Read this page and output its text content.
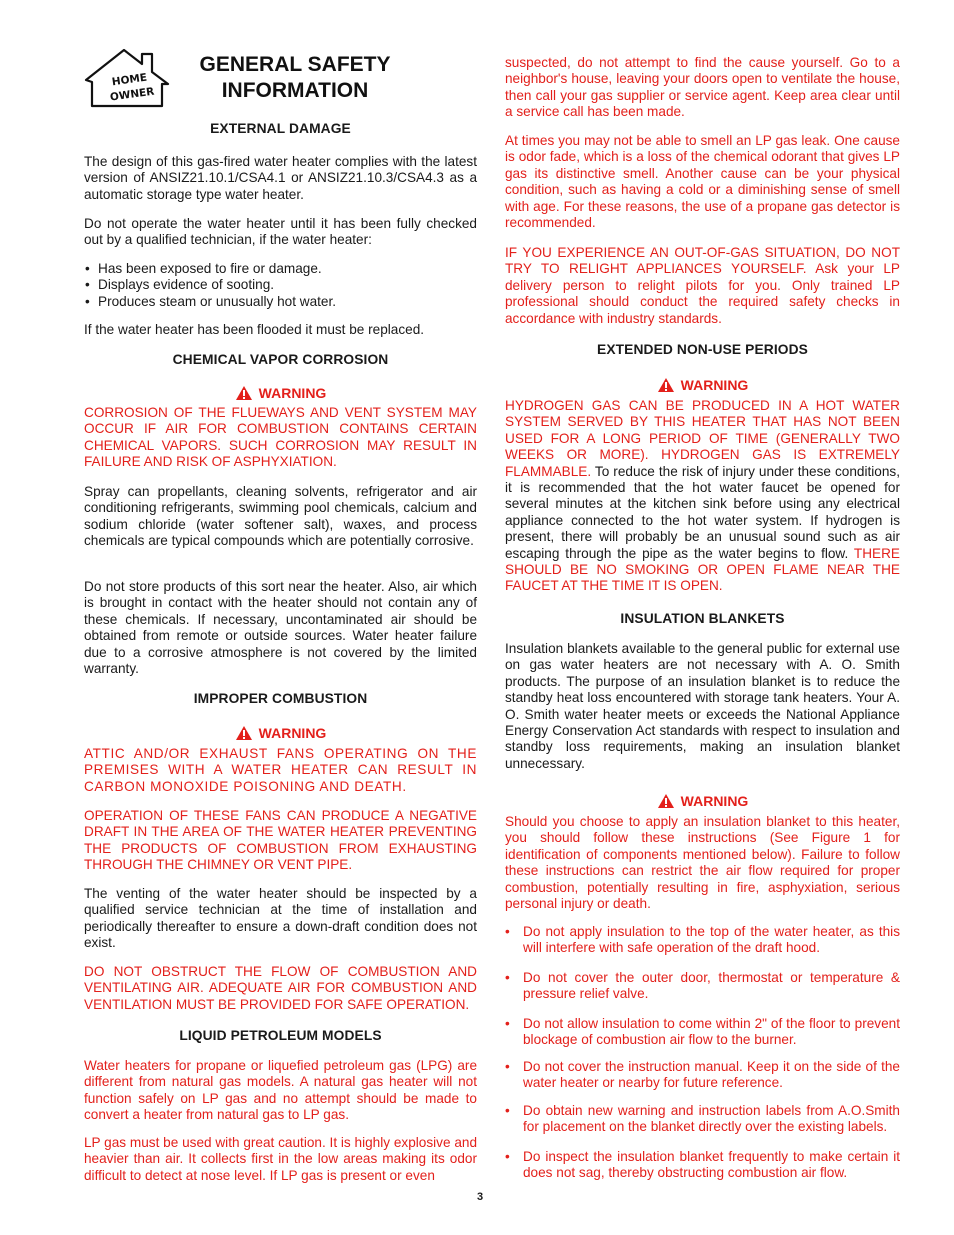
HOME
OWNER
GENERAL SAFETY
INFORMATION
EXTERNAL DAMAGE

The design of this gas-fired water heater complies with the latest version of ANSIZ21.10.1/CSA4.1 or ANSIZ21.10.3/CSA4.3 as a automatic storage type water heater.

Do not operate the water heater until it has been fully checked out by a qualified technician, if the water heater:

• Has been exposed to fire or damage.
• Displays evidence of sooting.
• Produces steam or unusually hot water.

If the water heater has been flooded it must be replaced.

CHEMICAL VAPOR CORROSION
WARNING

CORROSION OF THE FLUEWAYS AND VENT SYSTEM MAY OCCUR IF AIR FOR COMBUSTION CONTAINS CERTAIN CHEMICAL VAPORS. SUCH CORROSION MAY RESULT IN FAILURE AND RISK OF ASPHYXIATION.

Spray can propellants, cleaning solvents, refrigerator and air conditioning refrigerants, swimming pool chemicals, calcium and sodium chloride (water softener salt), waxes, and process chemicals are typical compounds which are potentially corrosive.

Do not store products of this sort near the heater. Also, air which is brought in contact with the heater should not contain any of these chemicals. If necessary, uncontaminated air should be obtained from remote or outside sources. Water heater failure due to a corrosive atmosphere is not covered by the limited warranty.

IMPROPER COMBUSTION
WARNING

ATTIC AND/OR EXHAUST FANS OPERATING ON THE PREMISES WITH A WATER HEATER CAN RESULT IN CARBON MONOXIDE POISONING AND DEATH.

OPERATION OF THESE FANS CAN PRODUCE A NEGATIVE DRAFT IN THE AREA OF THE WATER HEATER PREVENTING THE PRODUCTS OF COMBUSTION FROM EXHAUSTING THROUGH THE CHIMNEY OR VENT PIPE.

The venting of the water heater should be inspected by a qualified service technician at the time of installation and periodically thereafter to ensure a down-draft condition does not exist.

DO NOT OBSTRUCT THE FLOW OF COMBUSTION AND VENTILATING AIR. ADEQUATE AIR FOR COMBUSTION AND VENTILATION MUST BE PROVIDED FOR SAFE OPERATION.

LIQUID PETROLEUM MODELS

Water heaters for propane or liquefied petroleum gas (LPG) are different from natural gas models. A natural gas heater will not function safely on LP gas and no attempt should be made to convert a heater from natural gas to LP gas.

LP gas must be used with great caution. It is highly explosive and heavier than air. It collects first in the low areas making its odor difficult to detect at nose level. If LP gas is present or even

suspected, do not attempt to find the cause yourself. Go to a neighbor's house, leaving your doors open to ventilate the house, then call your gas supplier or service agent. Keep area clear until a service call has been made.

At times you may not be able to smell an LP gas leak. One cause is odor fade, which is a loss of the chemical odorant that gives LP gas its distinctive smell. Another cause can be your physical condition, such as having a cold or a diminishing sense of smell with age. For these reasons, the use of a propane gas detector is recommended.

IF YOU EXPERIENCE AN OUT-OF-GAS SITUATION, DO NOT TRY TO RELIGHT APPLIANCES YOURSELF. Ask your LP delivery person to relight pilots for you. Only trained LP professional should conduct the required safety checks in accordance with industry standards.

EXTENDED NON-USE PERIODS
WARNING

HYDROGEN GAS CAN BE PRODUCED IN A HOT WATER SYSTEM SERVED BY THIS HEATER THAT HAS NOT BEEN USED FOR A LONG PERIOD OF TIME (GENERALLY TWO WEEKS OR MORE). HYDROGEN GAS IS EXTREMELY FLAMMABLE. To reduce the risk of injury under these conditions, it is recommended that the hot water faucet be opened for several minutes at the kitchen sink before using any electrical appliance connected to the hot water system. If hydrogen is present, there will probably be an unusual sound such as air escaping through the pipe as the water begins to flow. THERE SHOULD BE NO SMOKING OR OPEN FLAME NEAR THE FAUCET AT THE TIME IT IS OPEN.

INSULATION BLANKETS

Insulation blankets available to the general public for external use on gas water heaters are not necessary with A. O. Smith products. The purpose of an insulation blanket is to reduce the standby heat loss encountered with storage tank heaters. Your A. O. Smith water heater meets or exceeds the National Appliance Energy Conservation Act standards with respect to insulation and standby loss requirements, making an insulation blanket unnecessary.

WARNING

Should you choose to apply an insulation blanket to this heater, you should follow these instructions (See Figure 1 for identification of components mentioned below). Failure to follow these instructions can restrict the air flow required for proper combustion, potentially resulting in fire, asphyxiation, serious personal injury or death.

• Do not apply insulation to the top of the water heater, as this will interfere with safe operation of the draft hood.
• Do not cover the outer door, thermostat or temperature & pressure relief valve.
• Do not allow insulation to come within 2" of the floor to prevent blockage of combustion air flow to the burner.
• Do not cover the instruction manual. Keep it on the side of the water heater or nearby for future reference.
• Do obtain new warning and instruction labels from A.O.Smith for placement on the blanket directly over the existing labels.
• Do inspect the insulation blanket frequently to make certain it does not sag, thereby obstructing combustion air flow.
3
